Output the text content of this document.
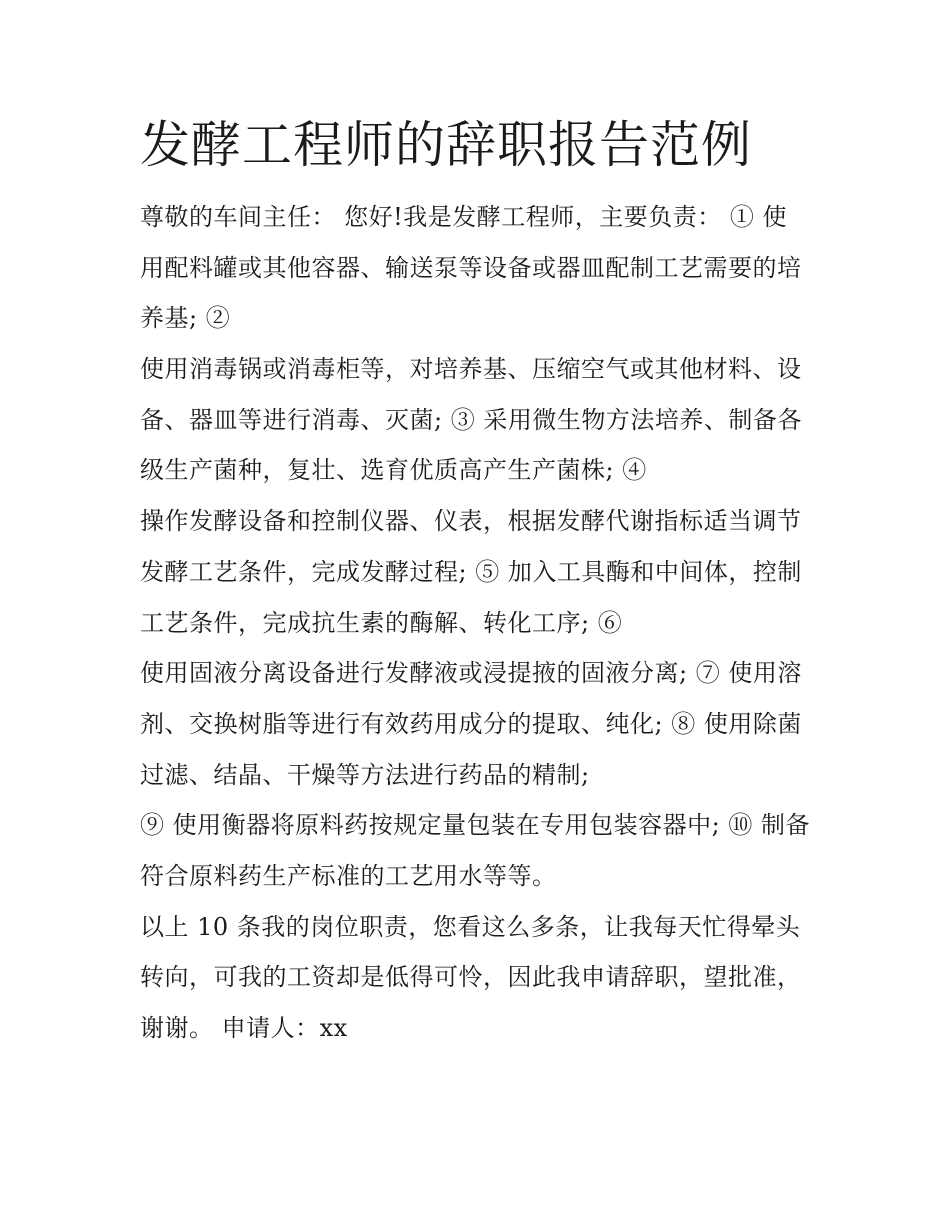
发酵工程师的辞职报告范例
尊敬的车间主任： 您好!我是发酵工程师，主要负责： ① 使
用配料罐或其他容器、输送泵等设备或器皿配制工艺需要的培
养基; ②
使用消毒锅或消毒柜等，对培养基、压缩空气或其他材料、设
备、器皿等进行消毒、灭菌; ③ 采用微生物方法培养、制备各
级生产菌种，复壮、选育优质高产生产菌株; ④
操作发酵设备和控制仪器、仪表，根据发酵代谢指标适当调节
发酵工艺条件，完成发酵过程; ⑤ 加入工具酶和中间体，控制
工艺条件，完成抗生素的酶解、转化工序; ⑥
使用固液分离设备进行发酵液或浸提掖的固液分离; ⑦ 使用溶
剂、交换树脂等进行有效药用成分的提取、纯化; ⑧ 使用除菌
过滤、结晶、干燥等方法进行药品的精制;
⑨ 使用衡器将原料药按规定量包装在专用包装容器中; ⑩ 制备
符合原料药生产标准的工艺用水等等。
以上 10 条我的岗位职责，您看这么多条，让我每天忙得晕头
转向，可我的工资却是低得可怜，因此我申请辞职，望批准，
谢谢。 申请人：xx
